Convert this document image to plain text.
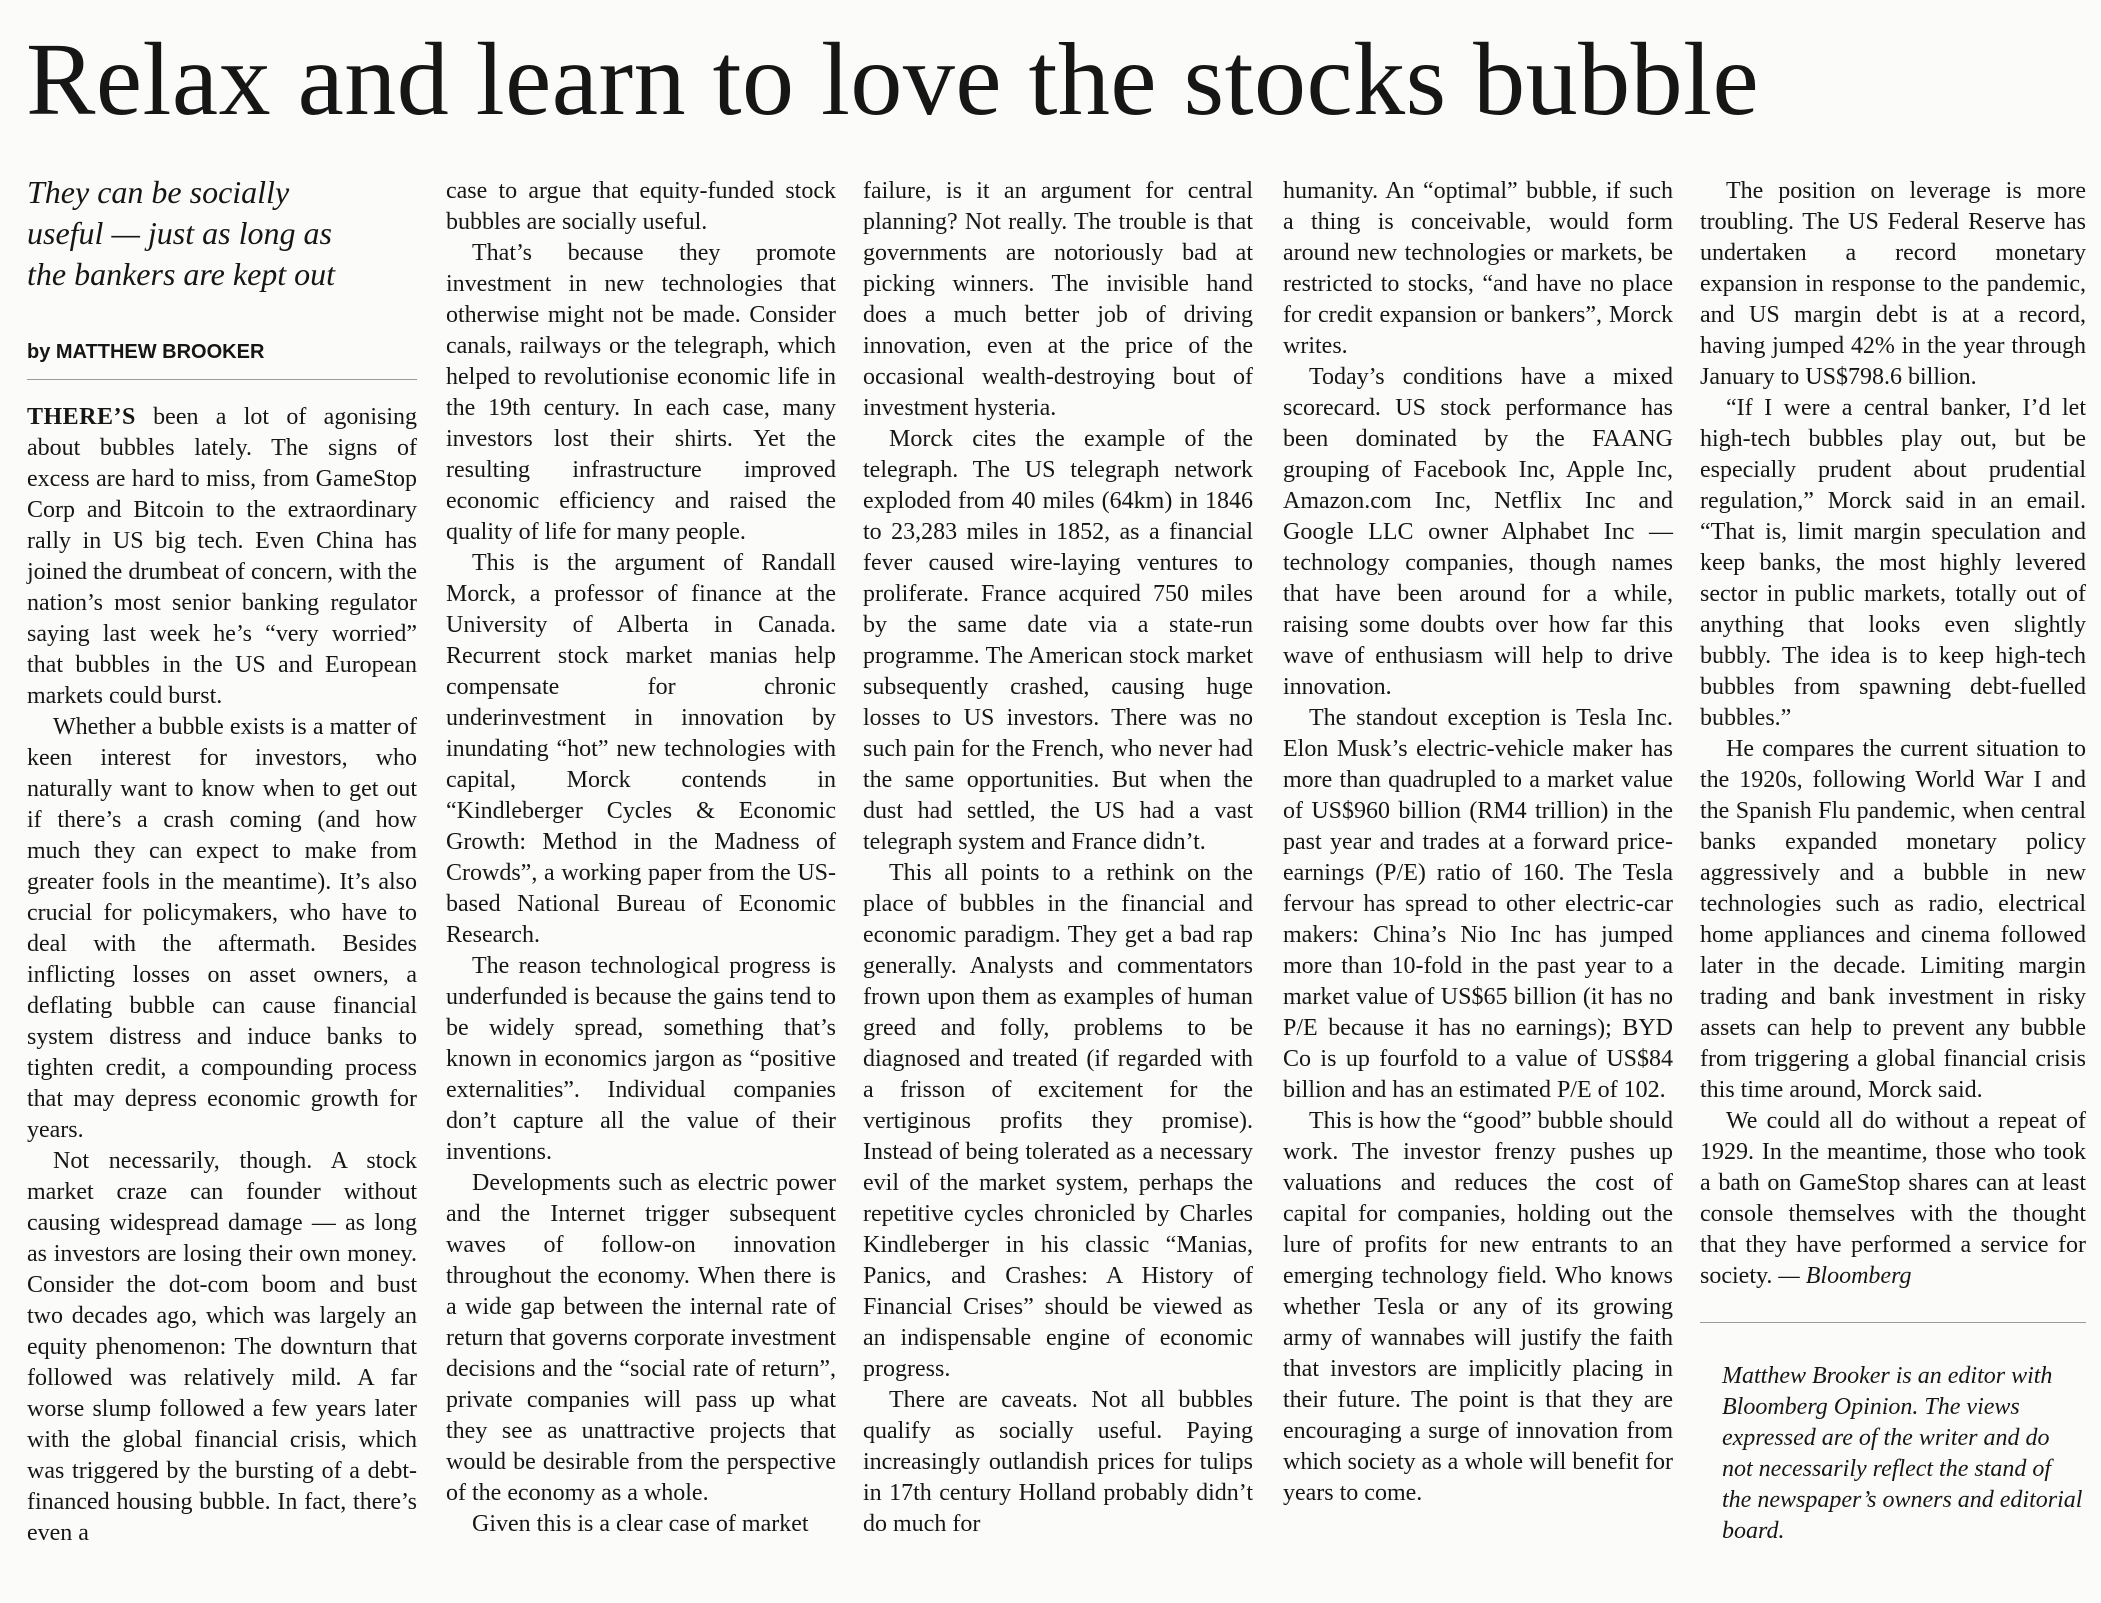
Relax and learn to love the stocks bubble
They can be socially useful — just as long as the bankers are kept out
by MATTHEW BROOKER

THERE’S been a lot of agonising about bubbles lately. The signs of excess are hard to miss, from GameStop Corp and Bitcoin to the extraordinary rally in US big tech. Even China has joined the drumbeat of concern, with the nation’s most senior banking regulator saying last week he’s “very worried” that bubbles in the US and European markets could burst.

Whether a bubble exists is a matter of keen interest for investors, who naturally want to know when to get out if there’s a crash coming (and how much they can expect to make from greater fools in the meantime). It’s also crucial for policymakers, who have to deal with the aftermath. Besides inflicting losses on asset owners, a deflating bubble can cause financial system distress and induce banks to tighten credit, a compounding process that may depress economic growth for years.

Not necessarily, though. A stock market craze can founder without causing widespread damage — as long as investors are losing their own money. Consider the dot-com boom and bust two decades ago, which was largely an equity phenomenon: The downturn that followed was relatively mild. A far worse slump followed a few years later with the global financial crisis, which was triggered by the bursting of a debt-financed housing bubble. In fact, there’s even a

case to argue that equity-funded stock bubbles are socially useful.

That’s because they promote investment in new technologies that otherwise might not be made. Consider canals, railways or the telegraph, which helped to revolutionise economic life in the 19th century. In each case, many investors lost their shirts. Yet the resulting infrastructure improved economic efficiency and raised the quality of life for many people.

This is the argument of Randall Morck, a professor of finance at the University of Alberta in Canada. Recurrent stock market manias help compensate for chronic underinvestment in innovation by inundating “hot” new technologies with capital, Morck contends in “Kindleberger Cycles & Economic Growth: Method in the Madness of Crowds”, a working paper from the US-based National Bureau of Economic Research.

The reason technological progress is underfunded is because the gains tend to be widely spread, something that’s known in economics jargon as “positive externalities”. Individual companies don’t capture all the value of their inventions.

Developments such as electric power and the Internet trigger subsequent waves of follow-on innovation throughout the economy. When there is a wide gap between the internal rate of return that governs corporate investment decisions and the “social rate of return”, private companies will pass up what they see as unattractive projects that would be desirable from the perspective of the economy as a whole.

Given this is a clear case of market

failure, is it an argument for central planning? Not really. The trouble is that governments are notoriously bad at picking winners. The invisible hand does a much better job of driving innovation, even at the price of the occasional wealth-destroying bout of investment hysteria.

Morck cites the example of the telegraph. The US telegraph network exploded from 40 miles (64km) in 1846 to 23,283 miles in 1852, as a financial fever caused wire-laying ventures to proliferate. France acquired 750 miles by the same date via a state-run programme. The American stock market subsequently crashed, causing huge losses to US investors. There was no such pain for the French, who never had the same opportunities. But when the dust had settled, the US had a vast telegraph system and France didn’t.

This all points to a rethink on the place of bubbles in the financial and economic paradigm. They get a bad rap generally. Analysts and commentators frown upon them as examples of human greed and folly, problems to be diagnosed and treated (if regarded with a frisson of excitement for the vertiginous profits they promise). Instead of being tolerated as a necessary evil of the market system, perhaps the repetitive cycles chronicled by Charles Kindleberger in his classic “Manias, Panics, and Crashes: A History of Financial Crises” should be viewed as an indispensable engine of economic progress.

There are caveats. Not all bubbles qualify as socially useful. Paying increasingly outlandish prices for tulips in 17th century Holland probably didn’t do much for

humanity. An “optimal” bubble, if such a thing is conceivable, would form around new technologies or markets, be restricted to stocks, “and have no place for credit expansion or bankers”, Morck writes.

Today’s conditions have a mixed scorecard. US stock performance has been dominated by the FAANG grouping of Facebook Inc, Apple Inc, Amazon.com Inc, Netflix Inc and Google LLC owner Alphabet Inc — technology companies, though names that have been around for a while, raising some doubts over how far this wave of enthusiasm will help to drive innovation.

The standout exception is Tesla Inc. Elon Musk’s electric-vehicle maker has more than quadrupled to a market value of US$960 billion (RM4 trillion) in the past year and trades at a forward price-earnings (P/E) ratio of 160. The Tesla fervour has spread to other electric-car makers: China’s Nio Inc has jumped more than 10-fold in the past year to a market value of US$65 billion (it has no P/E because it has no earnings); BYD Co is up fourfold to a value of US$84 billion and has an estimated P/E of 102.

This is how the “good” bubble should work. The investor frenzy pushes up valuations and reduces the cost of capital for companies, holding out the lure of profits for new entrants to an emerging technology field. Who knows whether Tesla or any of its growing army of wannabes will justify the faith that investors are implicitly placing in their future. The point is that they are encouraging a surge of innovation from which society as a whole will benefit for years to come.

The position on leverage is more troubling. The US Federal Reserve has undertaken a record monetary expansion in response to the pandemic, and US margin debt is at a record, having jumped 42% in the year through January to US$798.6 billion.

“If I were a central banker, I’d let high-tech bubbles play out, but be especially prudent about prudential regulation,” Morck said in an email. “That is, limit margin speculation and keep banks, the most highly levered sector in public markets, totally out of anything that looks even slightly bubbly. The idea is to keep high-tech bubbles from spawning debt-fuelled bubbles.”

He compares the current situation to the 1920s, following World War I and the Spanish Flu pandemic, when central banks expanded monetary policy aggressively and a bubble in new technologies such as radio, electrical home appliances and cinema followed later in the decade. Limiting margin trading and bank investment in risky assets can help to prevent any bubble from triggering a global financial crisis this time around, Morck said.

We could all do without a repeat of 1929. In the meantime, those who took a bath on GameStop shares can at least console themselves with the thought that they have performed a service for society. — Bloomberg

Matthew Brooker is an editor with Bloomberg Opinion. The views expressed are of the writer and do not necessarily reflect the stand of the newspaper’s owners and editorial board.
